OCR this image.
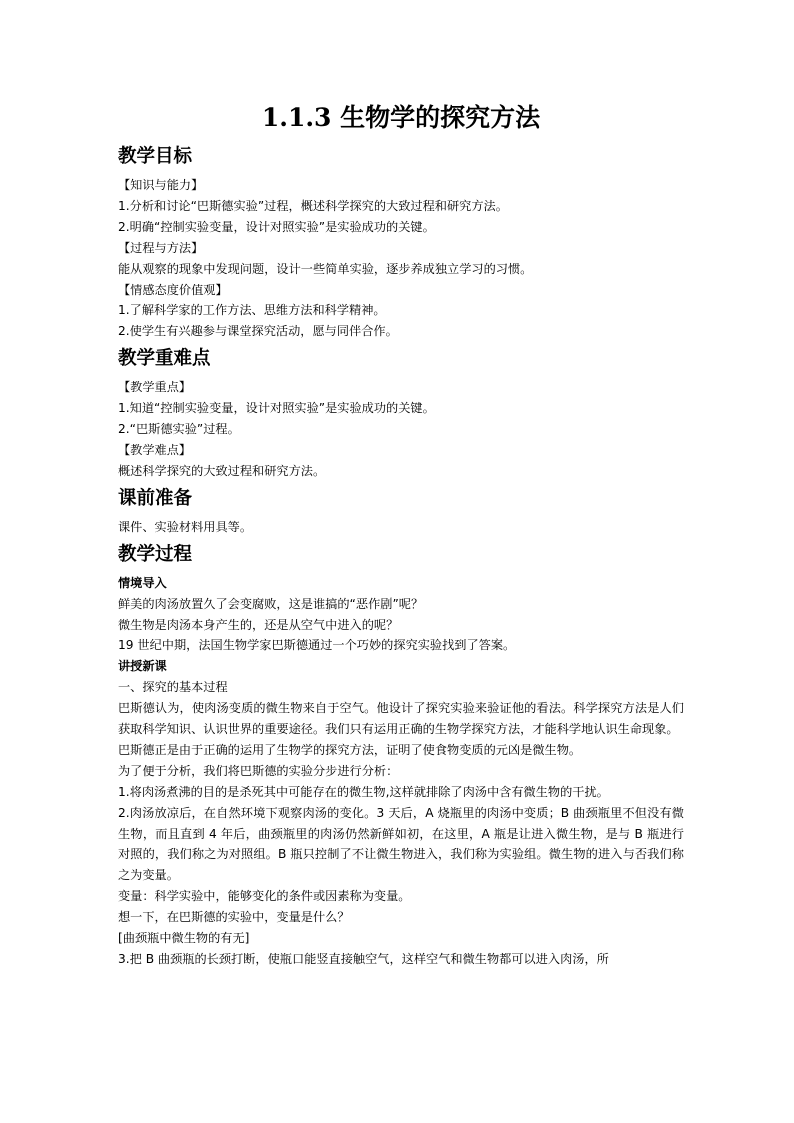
1.1.3 生物学的探究方法
教学目标
【知识与能力】
1.分析和讨论“巴斯德实验”过程，概述科学探究的大致过程和研究方法。
2.明确“控制实验变量，设计对照实验”是实验成功的关键。
【过程与方法】
能从观察的现象中发现问题，设计一些简单实验，逐步养成独立学习的习惯。
【情感态度价值观】
1.了解科学家的工作方法、思维方法和科学精神。
2.使学生有兴趣参与课堂探究活动，愿与同伴合作。
教学重难点
【教学重点】
1.知道“控制实验变量，设计对照实验”是实验成功的关键。
2.“巴斯德实验”过程。
【教学难点】
概述科学探究的大致过程和研究方法。
课前准备
课件、实验材料用具等。
教学过程
情境导入
鲜美的肉汤放置久了会变腐败，这是谁搞的“恶作剧”呢？
微生物是肉汤本身产生的，还是从空气中进入的呢？
19 世纪中期，法国生物学家巴斯德通过一个巧妙的探究实验找到了答案。
讲授新课
一、探究的基本过程
巴斯德认为，使肉汤变质的微生物来自于空气。他设计了探究实验来验证他的看法。科学探究方法是人们获取科学知识、认识世界的重要途径。我们只有运用正确的生物学探究方法，才能科学地认识生命现象。
巴斯德正是由于正确的运用了生物学的探究方法，证明了使食物变质的元凶是微生物。
为了便于分析，我们将巴斯德的实验分步进行分析：
1.将肉汤煮沸的目的是杀死其中可能存在的微生物,这样就排除了肉汤中含有微生物的干扰。
2.肉汤放凉后，在自然环境下观察肉汤的变化。3 天后，A 烧瓶里的肉汤中变质；B 曲颈瓶里不但没有微生物，而且直到 4 年后，曲颈瓶里的肉汤仍然新鲜如初，在这里，A 瓶是让进入微生物，是与 B 瓶进行对照的，我们称之为对照组。B 瓶只控制了不让微生物进入，我们称为实验组。微生物的进入与否我们称之为变量。
变量：科学实验中，能够变化的条件或因素称为变量。
想一下，在巴斯德的实验中，变量是什么？
[曲颈瓶中微生物的有无]
3.把 B 曲颈瓶的长颈打断，使瓶口能竖直接触空气，这样空气和微生物都可以进入肉汤，所
